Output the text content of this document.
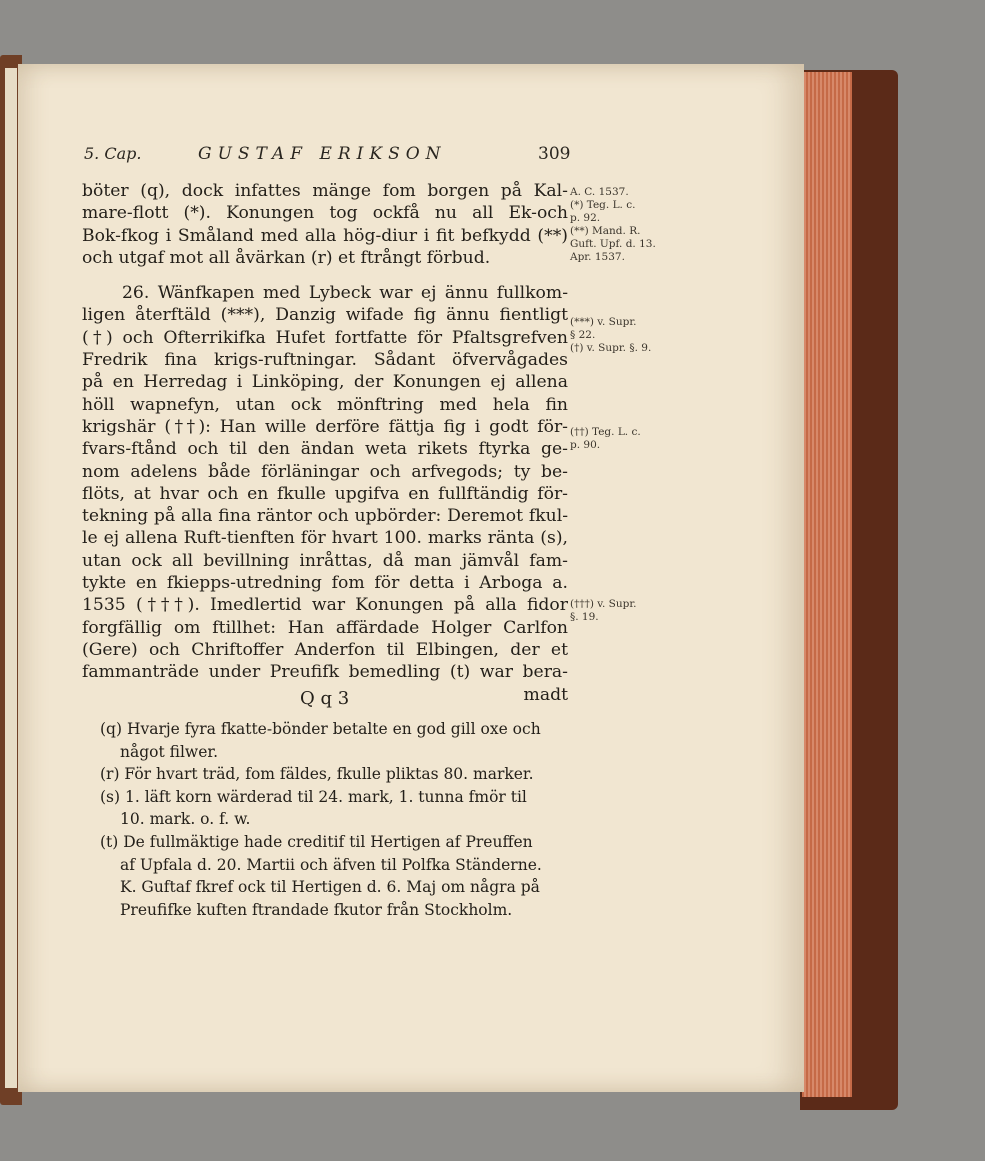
5. Cap.	GUSTAF ERIKSON	309
böter (q), dock infattes mänge fom borgen på Kal-
mare-flott (*). Konungen tog ockfå nu all Ek-och
Bok-fkog i Småland med alla hög-diur i fit befkydd (**)
och utgaf mot all åvärkan (r) et ftrångt förbud.
26. Wänfkapen med Lybeck war ej ännu fullkom-
ligen återftäld (***), Danzig wifade fig ännu fientligt
(†) och Ofterrikifka Hufet fortfatte för Pfaltsgrefven
Fredrik fina krigs-ruftningar. Sådant öfvervågades
på en Herredag i Linköping, der Konungen ej allena
höll wapnefyn, utan ock mönftring med hela fin
krigshär (††): Han wille derföre fättja fig i godt för-
fvars-ftånd och til den ändan weta rikets ftyrka ge-
nom adelens både förläningar och arfvegods; ty be-
flöts, at hvar och en fkulle upgifva en fullftändig för-
tekning på alla fina räntor och upbörder: Deremot fkul-
le ej allena Ruft-tienften för hvart 100. marks ränta (s),
utan ock all bevillning inråttas, då man jämvål fam-
tykte en fkiepps-utredning fom för detta i Arboga a.
1535 (†††). Imedlertid war Konungen på alla fidor
forgfällig om ftillhet: Han affärdade Holger Carlfon
(Gere) och Chriftoffer Anderfon til Elbingen, der et
fammanträde under Preufifk bemedling (t) war bera-
madt
Q q 3
(q) Hvarje fyra fkatte-bönder betalte en god gill oxe och
något filwer.
(r) För hvart träd, fom fäldes, fkulle pliktas 80. marker.
(s) 1. läft korn wärderad til 24. mark, 1. tunna fmör til
10. mark. o. f. w.
(t) De fullmäktige hade creditif til Hertigen af Preuffen
af Upfala d. 20. Martii och äfven til Polfka Ständerne.
K. Guftaf fkref ock til Hertigen d. 6. Maj om några på
Preufifke kuften ftrandade fkutor från Stockholm.
A. C. 1537.
(*) Teg. L. c.
p. 92.
(**) Mand. R.
Guft. Upf. d. 13.
Apr. 1537.
(***) v. Supr.
§ 22.
(†) v. Supr. §. 9.
(††) Teg. L. c.
p. 90.
(†††) v. Supr.
§. 19.
